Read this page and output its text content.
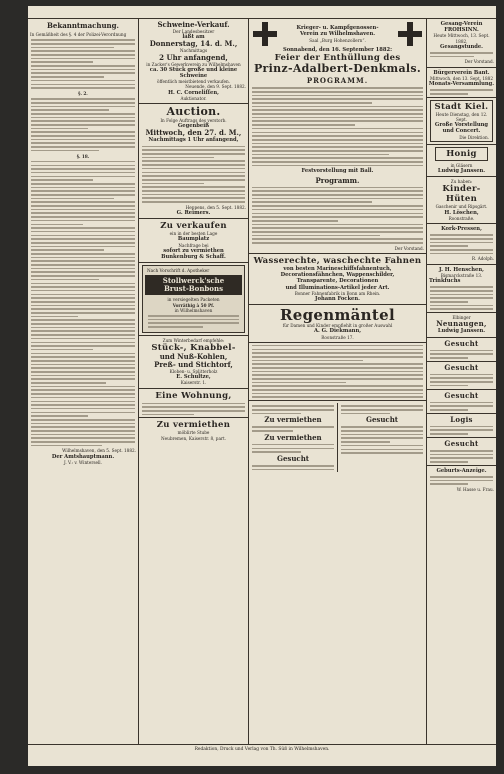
Bekanntmachung.
In Gemäßheit des §. 4 der Polizei-Verordnung
§. 2.
§. 18.
Wilhelmshaven, den 5. Sept. 1882.
Der Amtshauptmann.
J. V.: v. Wintersell.
Schweine-Verkauf.
Der Landesbesitzer
läßt am
Donnerstag, 14. d. M.,
Nachmittags
2 Uhr anfangend,
in Zacker's Gewerkverein zu Wilhelmshaven
ca. 30 Stück große und kleine Schweine
öffentlich meistbietend verkaufen.
Neuende, den 9. Sept. 1882.
H. C. Corneliſſen,
Auktionator.
Auction.
In Folge Auftrags des verstorb.
Gegenbeiß
Mittwoch, den 27. d. M.,
Nachmittags 1 Uhr anfangend,
Heppens, den 5. Sept. 1882.
G. Reimers.
Zu verkaufen
ein in der besten Lage
Baumplatz
Nachfrage bei
sofort zu vermiethen
Bunkenburg & Schaff.
Nach Vorschrift d. Apotheker
Stollwerck'sche
Brust-Bonbons
in versiegelten Packeten
Vorräthig à 50 Pf.
in Wilhelmshaven
Zum Winterbedarf empfehle:
Stück-, Knabbel-
und Nuß-Kohlen,
Preß- und Stichtorf,
Kloben- u. Splitterholz
E. Schultze,
Kaiserstr. 1.
Eine Wohnung,
Zu vermiethen
möblirte Stube
Neubremen, Kaiserstr. 8, part.
Krieger- u. Kampfgenossen-
Verein zu Wilhelmshaven.
Saal „Burg Hohenzollern“.
Sonnabend, den 16. September 1882:
Feier der Enthüllung des
Prinz-Adalbert-Denkmals.
PROGRAMM.
Festvorstellung mit Ball.
Programm.
Der Vorstand.
Wasserechte, waschechte Fahnen
von besten Marineschiffsfahnentuch,
Decorationsfähnchen, Wappenschilder,
Transparente, Decorationen
und Illuminations-Artikel jeder Art.
Bonner Fahnenfabrik in Bonn am Rhein.
Johann Focken.
Regenmäntel
für Damen und Kinder empfiehlt in großer Auswahl
A. G. Diekmann,
Roonstraße 17.
Zu vermiethen
Zu vermiethen
Gesucht
Gesucht
Gesang-Verein FROHSINN.
Heute Mittwoch, 13. Sept. 1882,
Gesangstunde.
Der Vorstand.
Bürgerverein Bant.
Mittwoch, den 13. Sept. 1882
Monats-Versammlung.
Stadt Kiel.
Heute Dienstag, den 12. Sept.
Große Vorstellung
und Concert.
Die Direktion.
Honig
in Gläsern
Ludwig Janssen.
Zu haben:
Kinder-Hüten
Gaschenir und Ripsgärt.
H. Löschen,
Roonstraße.
Kork-Pressen,
R. Adolph.
J. H. Henschen,
Bismarckstraße 13.
Trinkfuchs
Elbinger
Neunaugen,
Ludwig Janssen.
Gesucht
Gesucht
Gesucht
Logis
Gesucht
Geburts-Anzeige.
W. Hasse u. Frau.
Redaktion, Druck und Verlag von Th. Süß in Wilhelmshaven.
